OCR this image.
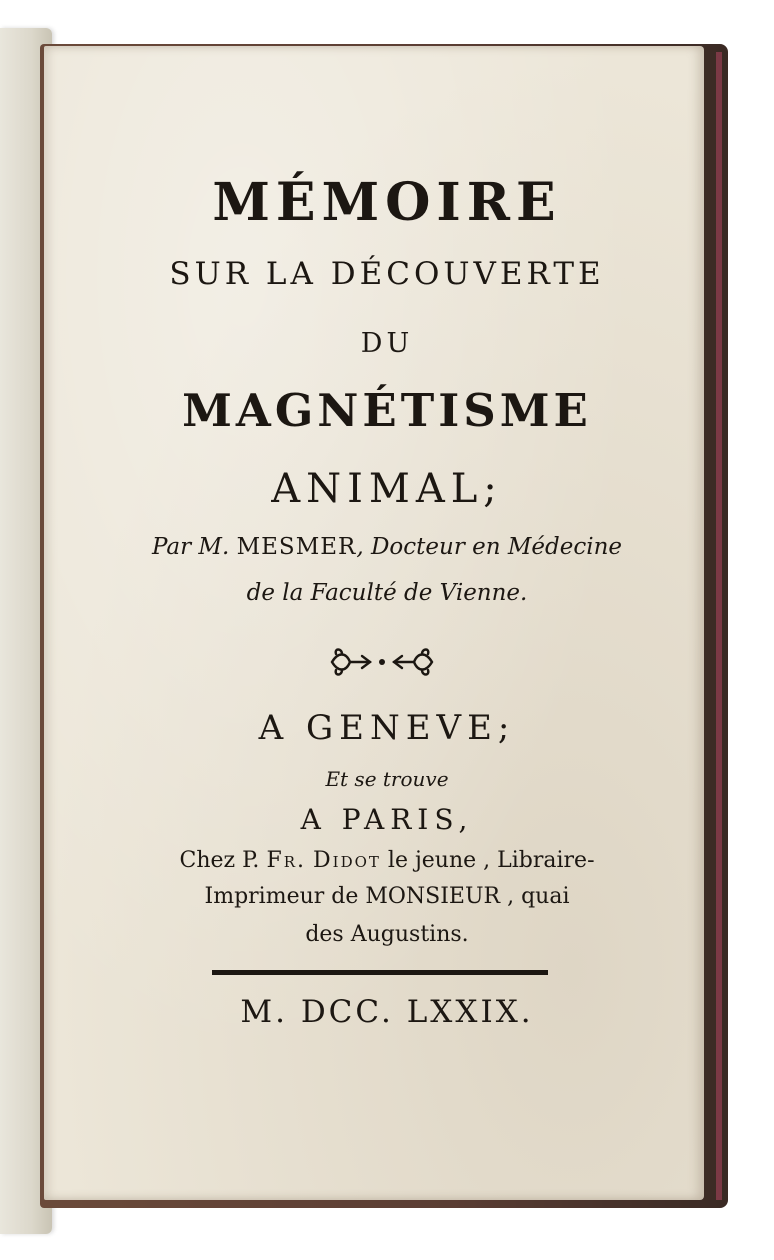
MÉMOIRE
SUR LA DÉCOUVERTE
DU
MAGNÉTISME
ANIMAL;
Par M. MESMER, Docteur en Médecine
de la Faculté de Vienne.
A GENEVE;
Et se trouve
A PARIS,
Chez P. Fr. Didot le jeune , Libraire-
Imprimeur de MONSIEUR , quai
des Augustins.
M. DCC. LXXIX.
